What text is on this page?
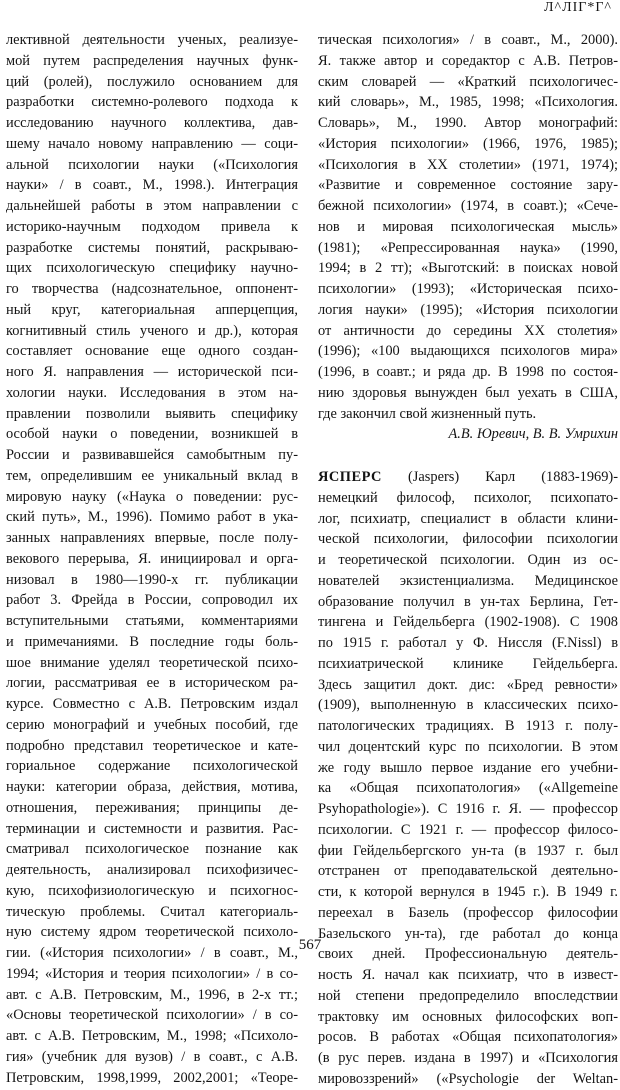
Л^ЛІГ*Г^
лективной деятельности ученых, реализуе-
мой путем распределения научных функ-
ций (ролей), послужило основанием для
разработки системно-ролевого подхода к
исследованию научного коллектива, дав-
шему начало новому направлению — соци-
альной психологии науки («Психология
науки» / в соавт., М., 1998.). Интеграция
дальнейшей работы в этом направлении с
историко-научным подходом привела к
разработке системы понятий, раскрываю-
щих психологическую специфику научно-
го творчества (надсознательное, оппонент-
ный круг, категориальная апперцепция,
когнитивный стиль ученого и др.), которая
составляет основание еще одного создан-
ного Я. направления — исторической пси-
хологии науки. Исследования в этом на-
правлении позволили выявить специфику
особой науки о поведении, возникшей в
России и развивавшейся самобытным пу-
тем, определившим ее уникальный вклад в
мировую науку («Наука о поведении: рус-
ский путь», М., 1996). Помимо работ в ука-
занных направлениях впервые, после полу-
векового перерыва, Я. инициировал и орга-
низовал в 1980—1990-х гг. публикации
работ 3. Фрейда в России, сопроводил их
вступительными статьями, комментариями
и примечаниями. В последние годы боль-
шое внимание уделял теоретической психо-
логии, рассматривая ее в историческом ра-
курсе. Совместно с А.В. Петровским издал
серию монографий и учебных пособий, где
подробно представил теоретическое и кате-
гориальное содержание психологической
науки: категории образа, действия, мотива,
отношения, переживания; принципы де-
терминации и системности и развития. Рас-
сматривал психологическое познание как
деятельность, анализировал психофизичес-
кую, психофизиологическую и психогнос-
тическую проблемы. Считал категориаль-
ную систему ядром теоретической психоло-
гии. («История психологии» / в соавт., М.,
1994; «История и теория психологии» / в со-
авт. с А.В. Петровским, М., 1996, в 2-х тт.;
«Основы теоретической психологии» / в со-
авт. с А.В. Петровским, М., 1998; «Психоло-
гия» (учебник для вузов) / в соавт., с А.В.
Петровским, 1998,1999, 2002,2001; «Теоре-
тическая психология» / в соавт., М., 2000).
Я. также автор и соредактор с А.В. Петров-
ским словарей — «Краткий психологичес-
кий словарь», М., 1985, 1998; «Психология.
Словарь», М., 1990. Автор монографий:
«История психологии» (1966, 1976, 1985);
«Психология в XX столетии» (1971, 1974);
«Развитие и современное состояние зару-
бежной психологии» (1974, в соавт.); «Сече-
нов и мировая психологическая мысль»
(1981); «Репрессированная наука» (1990,
1994; в 2 тт); «Выготский: в поисках новой
психологии» (1993); «Историческая психо-
логия науки» (1995); «История психологии
от античности до середины XX столетия»
(1996); «100 выдающихся психологов мира»
(1996, в соавт.; и ряда др. В 1998 по состоя-
нию здоровья вынужден был уехать в США,
где закончил свой жизненный путь.
А.В. Юревич, В. В. Умрихин
ЯСПЕРС (Jaspers) Карл (1883-1969)-
немецкий философ, психолог, психопато-
лог, психиатр, специалист в области клини-
ческой психологии, философии психологии
и теоретической психологии. Один из ос-
нователей экзистенциализма. Медицинское
образование получил в ун-тах Берлина, Гет-
тингена и Гейдельберга (1902-1908). С 1908
по 1915 г. работал у Ф. Ниссля (F.Nissl) в
психиатрической клинике Гейдельберга.
Здесь защитил докт. дис: «Бред ревности»
(1909), выполненную в классических психо-
патологических традициях. В 1913 г. полу-
чил доцентский курс по психологии. В этом
же году вышло первое издание его учебни-
ка «Общая психопатология» («Allgemeine
Psyhopathologie»). С 1916 г. Я. — профессор
психологии. С 1921 г. — профессор филосо-
фии Гейдельбергского ун-та (в 1937 г. был
отстранен от преподавательской деятельно-
сти, к которой вернулся в 1945 г.). В 1949 г.
переехал в Базель (профессор философии
Базельского ун-та), где работал до конца
своих дней. Профессиональную деятель-
ность Я. начал как психиатр, что в извест-
ной степени предопределило впоследствии
трактовку им основных философских воп-
росов. В работах «Общая психопатология»
(в рус перев. издана в 1997) и «Психология
мировоззрений» («Psychologie der Weltan-
567
